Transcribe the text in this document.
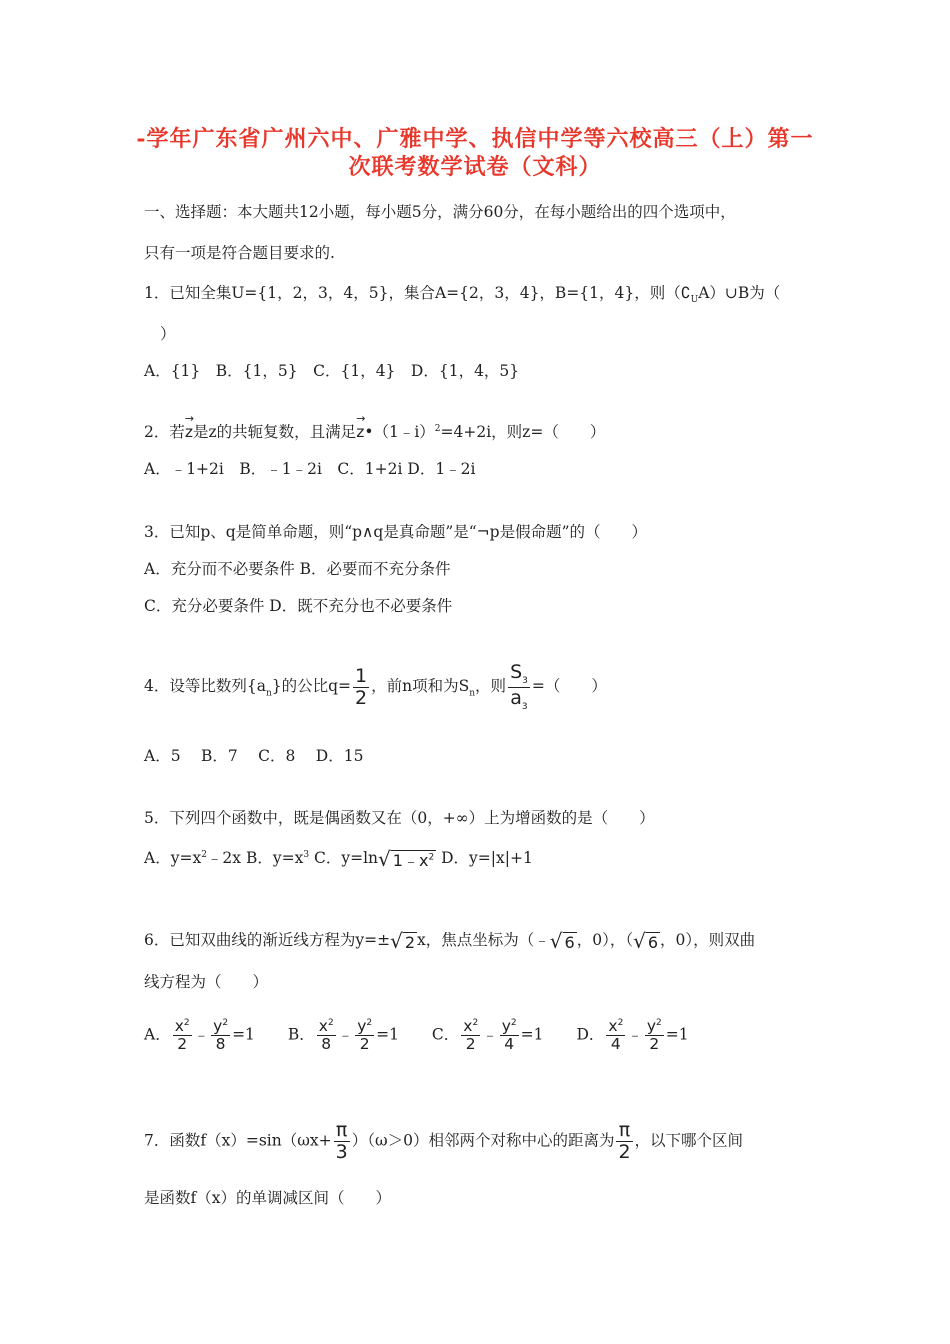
-学年广东省广州六中、广雅中学、执信中学等六校高三（上）第一
次联考数学试卷（文科）
一、选择题：本大题共12小题，每小题5分，满分60分，在每小题给出的四个选项中，
只有一项是符合题目要求的.
1．已知全集U={1，2，3，4，5}，集合A={2，3，4}，B={1，4}，则$(∁_UA)\cup B$为（
）
A．{1}　B．{1，5}　C．{1，4}　D．{1，4，5}
2．若
→
z是z的共轭复数，且满足
→
z•（1﹣i）$^2$=4+2i，则z=（　　）
A．﹣1+2i　B．﹣1﹣2i　C．1+2i D．1﹣2i
3．已知p、q是简单命题，则“p∧q是真命题”是“¬p是假命题”的（　　）
A．充分而不必要条件 B．必要而不充分条件
C．充分必要条件 D．既不充分也不必要条件
4．设等比数列$\{a_n\}$的公比$q= \frac{1}{2}$ ，前n项和为$S_n$，则 $\frac{S_3}{a_3}$ =（　　）
A．5　 B．7　 C．8　 D．15
5．下列四个函数中，既是偶函数又在（0，+∞）上为增函数的是（　　）
A．$y=x^2﹣2x$ B．$y=x^3$ C．y=ln√ $1﹣x^2$ D．y=|x|+1
6．已知双曲线的渐近线方程为y=±√ 2 x，焦点坐标为（﹣√ 6 ，0），（√ 6 ，0），则双曲
线方程为（　　）
A． $\frac{x^2}{2}$ ﹣ $\frac{y^2}{8} =1$ B． $\frac{x^2}{8}$ ﹣ $\frac{y^2}{2} =1$ C． $\frac{x^2}{2}$ ﹣ $\frac{y^2}{4} =1$ D． $\frac{x^2}{4}$ ﹣ $\frac{y^2}{2} =1$
7．函数$f(x)=\sin(\omega x+ \frac{\pi}{3} )(\omega>0)$相邻两个对称中心的距离为 $\frac{\pi}{2}$ ，以下哪个区间
是函数f（x）的单调减区间（　　）
